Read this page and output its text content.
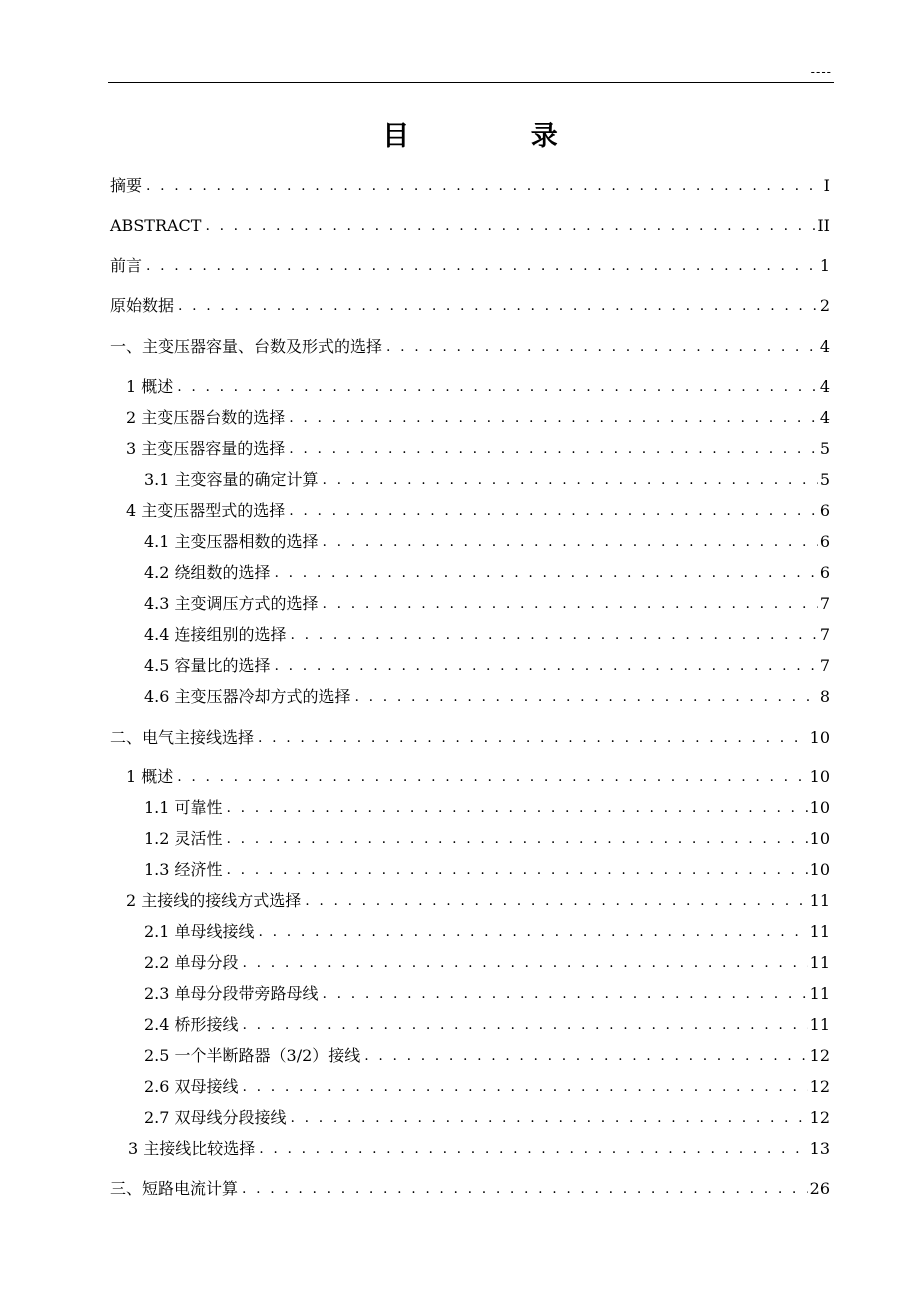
----
目 录
摘要 . . .	I
ABSTRACT . . .	II
前言 . . .	1
原始数据 . . .	2
一、主变压器容量、台数及形式的选择 . . .	4
1 概述 . . .	4
2 主变压器台数的选择 . . .	4
3 主变压器容量的选择 . . .	5
3.1 主变容量的确定计算 . . .	5
4 主变压器型式的选择 . . .	6
4.1 主变压器相数的选择 . . .	6
4.2 绕组数的选择 . . .	6
4.3 主变调压方式的选择 . . .	7
4.4 连接组别的选择 . . .	7
4.5 容量比的选择 . . .	7
4.6 主变压器冷却方式的选择 . . .	8
二、电气主接线选择 . . .	10
1 概述 . . .	10
1.1 可靠性 . . .	10
1.2 灵活性 . . .	10
1.3 经济性 . . .	10
2 主接线的接线方式选择 . . .	11
2.1 单母线接线 . . .	11
2.2 单母分段 . . .	11
2.3 单母分段带旁路母线 . . .	11
2.4 桥形接线 . . .	11
2.5 一个半断路器（3/2）接线 . . .	12
2.6 双母接线 . . .	12
2.7 双母线分段接线 . . .	12
3 主接线比较选择 . . .	13
三、短路电流计算 . . .	26
